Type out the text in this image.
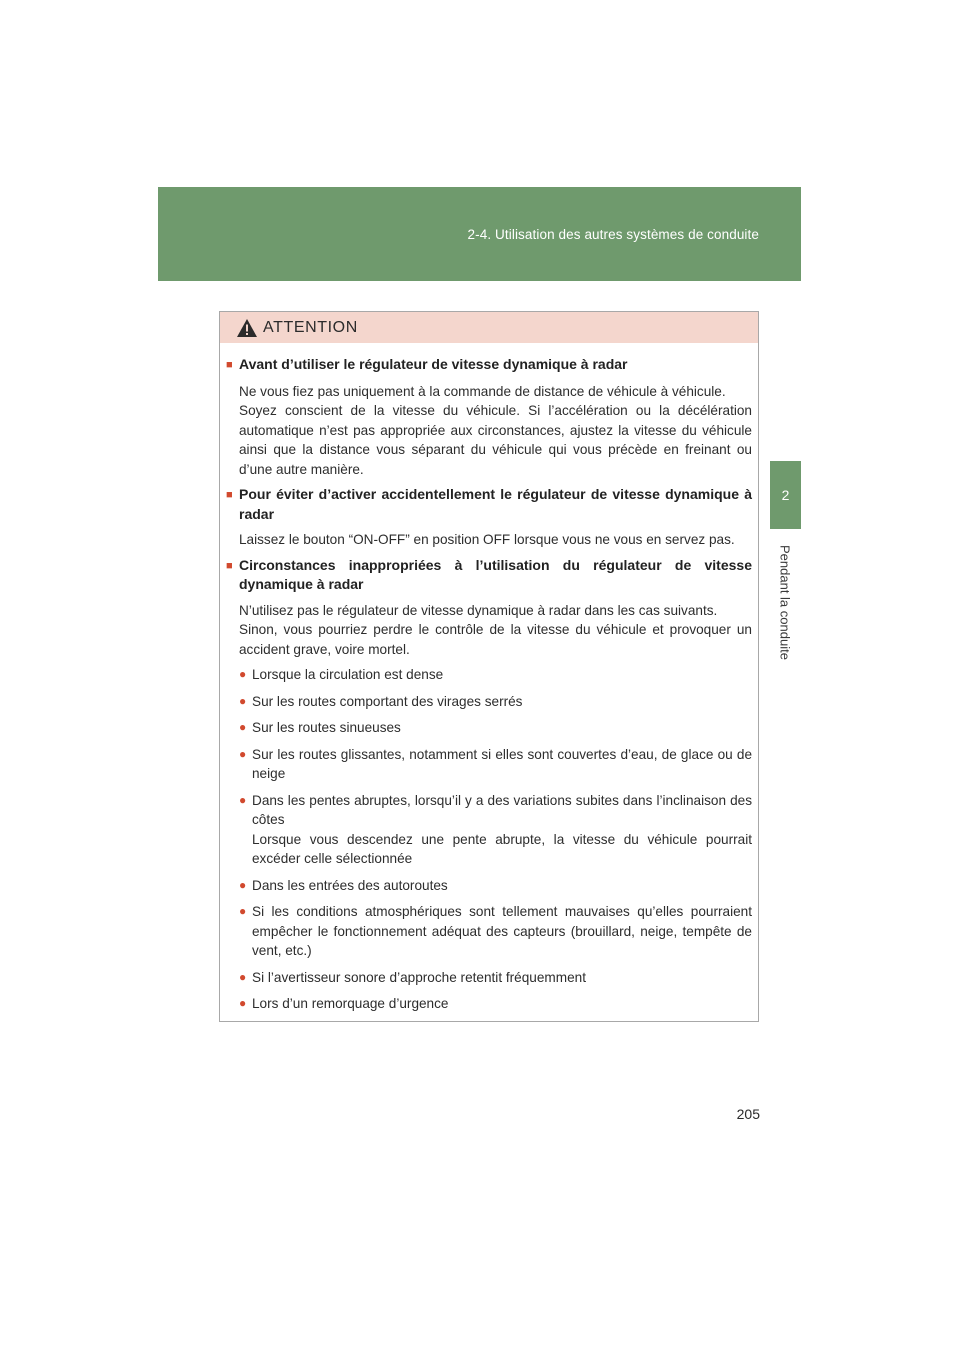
2-4. Utilisation des autres systèmes de conduite
2
Pendant la conduite
ATTENTION
■ Avant d’utiliser le régulateur de vitesse dynamique à radar

Ne vous fiez pas uniquement à la commande de distance de véhicule à véhicule.

Soyez conscient de la vitesse du véhicule. Si l’accélération ou la décélération automatique n’est pas appropriée aux circonstances, ajustez la vitesse du véhicule ainsi que la distance vous séparant du véhicule qui vous précède en freinant ou d’une autre manière.

■ Pour éviter d’activer accidentellement le régulateur de vitesse dynamique à radar

Laissez le bouton “ON-OFF” en position OFF lorsque vous ne vous en servez pas.

■ Circonstances inappropriées à l’utilisation du régulateur de vitesse dynamique à radar

N’utilisez pas le régulateur de vitesse dynamique à radar dans les cas suivants.

Sinon, vous pourriez perdre le contrôle de la vitesse du véhicule et provoquer un accident grave, voire mortel.

● Lorsque la circulation est dense
● Sur les routes comportant des virages serrés
● Sur les routes sinueuses
● Sur les routes glissantes, notamment si elles sont couvertes d’eau, de glace ou de neige
● Dans les pentes abruptes, lorsqu’il y a des variations subites dans l’inclinaison des côtes
Lorsque vous descendez une pente abrupte, la vitesse du véhicule pourrait excéder celle sélectionnée
● Dans les entrées des autoroutes
● Si les conditions atmosphériques sont tellement mauvaises qu’elles pourraient empêcher le fonctionnement adéquat des capteurs (brouillard, neige, tempête de vent, etc.)
● Si l’avertisseur sonore d’approche retentit fréquemment
● Lors d’un remorquage d’urgence
205
